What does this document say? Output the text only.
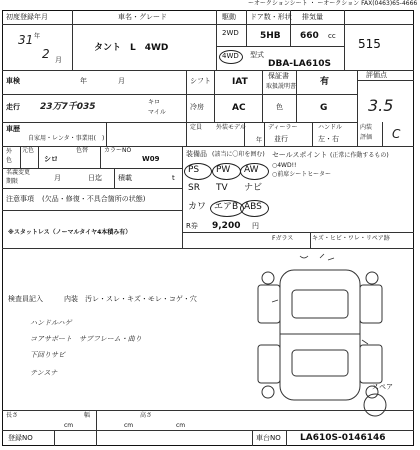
ーオークションシート ・ ーオークション FAX(0463)65-4666
初度登録年月	車名・グレード	駆動 ドア数・形状 排気量
31 年
2 月
タント　L　4WD
2WD
4WD
5HB 660 cc
515
型式
DBA-LA610S
車検	年	月	シフト IAT
保証書
取扱説明書	有
評価点
3.5
走行 23万7千035	キロ
マイル
冷房	AC	色	G
車歴
自家用・レンタ・事業用(　)
定員 外装モデル
年
ディーラー
並行
ハンドル
左・右
内装
評価 C
外
色
元色
シロ
色替	カラーNO
W09
名義変更
期限	月	日迄 積載	t
注意事項 (欠品・修復・不具合箇所の状態)
※スタットレス（ノーマルタイヤ4本積み有）
装備品 (該当に〇印を囲む)
PS PW AW
SR TV ナビ
カワ エアB ABS
R券 9,200 円
セールスポイント (正常に作動するもの)
○4WD!!
○前席シートヒーター
Fガラス	キズ・ヒビ・ワレ・リペア跡
検査員記入	内装　汚レ・スレ・キズ・モレ・コゲ・穴
ハンドルハゲ
コアサポート　サブフレーム・曲り
下回りサビ
テンスナ
スペア
長さ
cm
幅
cm
高さ
cm
登録NO	車台NO LA610S-0146146
